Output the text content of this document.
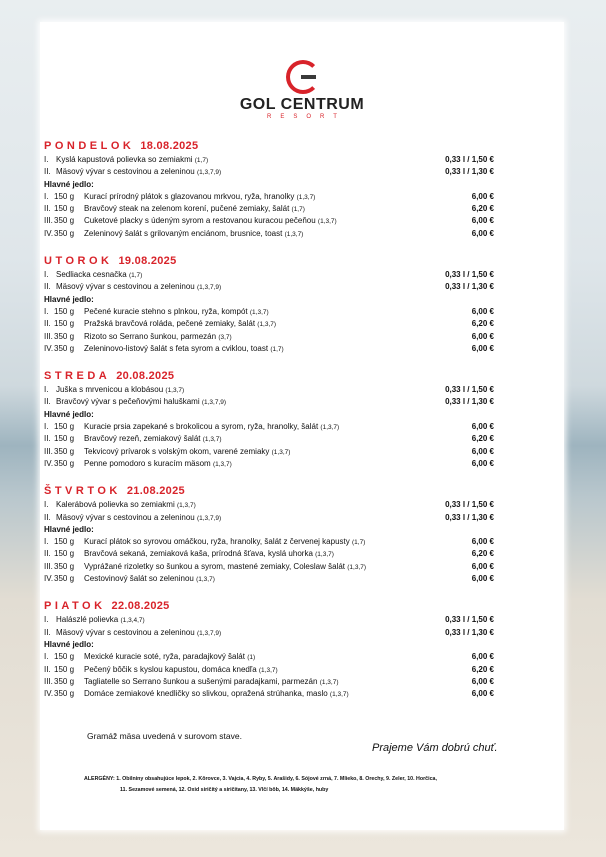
GOL CENTRUM
RESORT
PONDELOK 18.08.2025
I. Kyslá kapustová polievka so zemiakmi (1,7)	0,33 l / 1,50 €
II. Mäsový vývar s cestovinou a zeleninou (1,3,7,9)	0,33 l / 1,30 €
Hlavné jedlo:
I. 150 g	Kurací prírodný plátok s glazovanou mrkvou, ryža, hranolky (1,3,7)	6,00 €
II. 150 g	Bravčový steak na zelenom korení, pučené zemiaky, šalát (1,7)	6,20 €
III. 350 g	Cuketové placky s údeným syrom a restovanou kuracou pečeňou (1,3,7)	6,00 €
IV. 350 g	Zeleninový šalát s grilovaným enciánom, brusnice, toast (1,3,7)	6,00 €
UTOROK 19.08.2025
I. Sedliacka cesnačka (1,7)	0,33 l / 1,50 €
II. Mäsový vývar s cestovinou a zeleninou (1,3,7,9)	0,33 l / 1,30 €
Hlavné jedlo:
I. 150 g	Pečené kuracie stehno s plnkou, ryža, kompót (1,3,7)	6,00 €
II. 150 g	Pražská bravčová roláda, pečené zemiaky, šalát (1,3,7)	6,20 €
III. 350 g	Rizoto so Serrano šunkou, parmezán (3,7)	6,00 €
IV. 350 g	Zeleninovo-listový šalát s feta syrom a cviklou, toast (1,7)	6,00 €
STREDA 20.08.2025
I. Juška s mrvenicou a klobásou (1,3,7)	0,33 l / 1,50 €
II. Bravčový vývar s pečeňovými haluškami (1,3,7,9)	0,33 l / 1,30 €
Hlavné jedlo:
I. 150 g	Kuracie prsia zapekané s brokolicou a syrom, ryža, hranolky, šalát (1,3,7)	6,00 €
II. 150 g	Bravčový rezeň, zemiakový šalát (1,3,7)	6,20 €
III. 350 g	Tekvicový prívarok s volským okom, varené zemiaky (1,3,7)	6,00 €
IV. 350 g	Penne pomodoro s kuracím mäsom (1,3,7)	6,00 €
ŠTVRTOK 21.08.2025
I. Kalerábová polievka so zemiakmi (1,3,7)	0,33 l / 1,50 €
II. Mäsový vývar s cestovinou a zeleninou (1,3,7,9)	0,33 l / 1,30 €
Hlavné jedlo:
I. 150 g	Kurací plátok so syrovou omáčkou, ryža, hranolky, šalát z červenej kapusty (1,7)	6,00 €
II. 150 g	Bravčová sekaná, zemiaková kaša, prírodná šťava, kyslá uhorka (1,3,7)	6,20 €
III. 350 g	Vyprážané rizoletky so šunkou a syrom, mastené zemiaky, Coleslaw šalát (1,3,7)	6,00 €
IV. 350 g	Cestovinový šalát so zeleninou (1,3,7)	6,00 €
PIATOK 22.08.2025
I. Halászlé polievka (1,3,4,7)	0,33 l / 1,50 €
II. Mäsový vývar s cestovinou a zeleninou (1,3,7,9)	0,33 l / 1,30 €
Hlavné jedlo:
I. 150 g	Mexické kuracie soté, ryža, paradajkový šalát (1)	6,00 €
II. 150 g	Pečený bôčik s kyslou kapustou, domáca knedľa (1,3,7)	6,20 €
III. 350 g	Tagliatelle so Serrano šunkou a sušenými paradajkami, parmezán (1,3,7)	6,00 €
IV. 350 g	Domáce zemiakové knedličky so slivkou, opražená strúhanka, maslo (1,3,7)	6,00 €
Gramáž mäsa uvedená v surovom stave.
Prajeme Vám dobrú chuť.
ALERGÉNY: 1. Obilniny obsahujúce lepok, 2. Kôrovce, 3. Vajcia, 4. Ryby, 5. Arašidy, 6. Sójové zrná, 7. Mlieko, 8. Orechy, 9. Zeler, 10. Horčica,
11. Sezamové semená, 12. Oxid siričitý a siričitany, 13. Vlčí bôb, 14. Mäkkýše, huby
